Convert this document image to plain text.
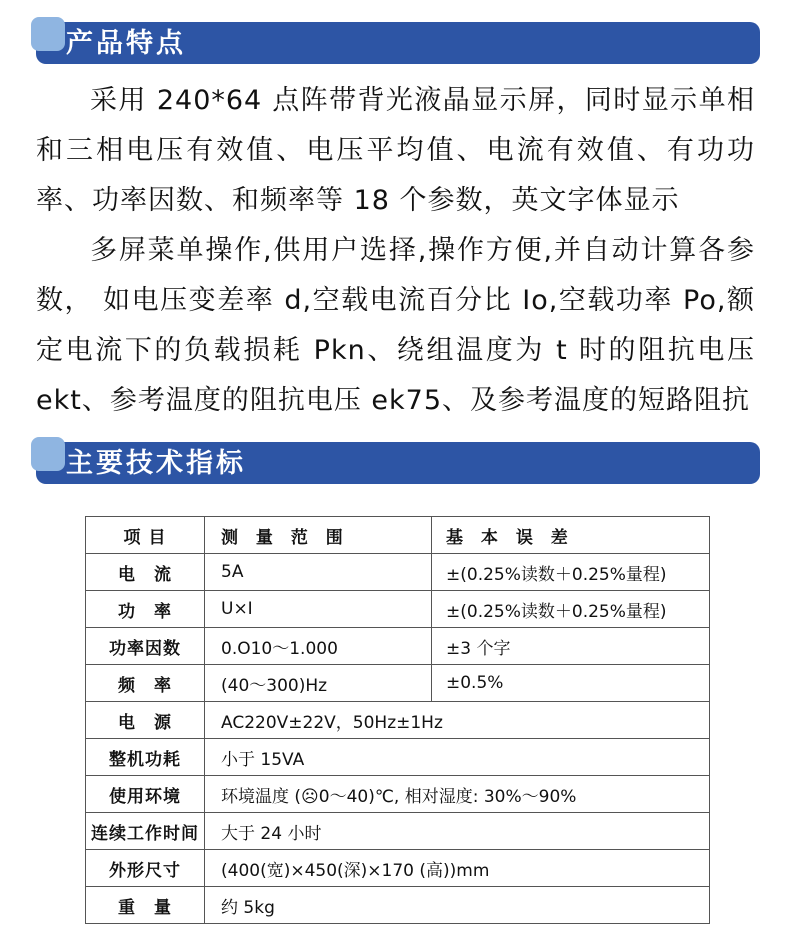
产品特点

采用 240*64 点阵带背光液晶显示屏，同时显示单相和三相电压有效值、电压平均值、电流有效值、有功功率、功率因数、和频率等 18 个参数，英文字体显示

多屏菜单操作,供用户选择,操作方便,并自动计算各参数， 如电压变差率 d,空载电流百分比 Io,空载功率 Po,额定电流下的负载损耗 Pkn、绕组温度为 t 时的阻抗电压 ekt、参考温度的阻抗电压 ek75、及参考温度的短路阻抗

主要技术指标
项 目	测 量 范 围	基 本 误 差
电　流	5A	±(0.25%读数＋0.25%量程)
功　率	U×I	±(0.25%读数＋0.25%量程)
功率因数	0.O10～1.000	±3 个字
频　率	(40～300)Hz	±0.5%
电　源	AC220V±22V，50Hz±1Hz	
整机功耗	小于 15VA	
使用环境	环境温度 (☹0～40)℃, 相对湿度: 30%～90%	
连续工作时间	大于 24 小时	
外形尺寸	(400(宽)×450(深)×170 (高))mm	
重　量	约 5kg	
